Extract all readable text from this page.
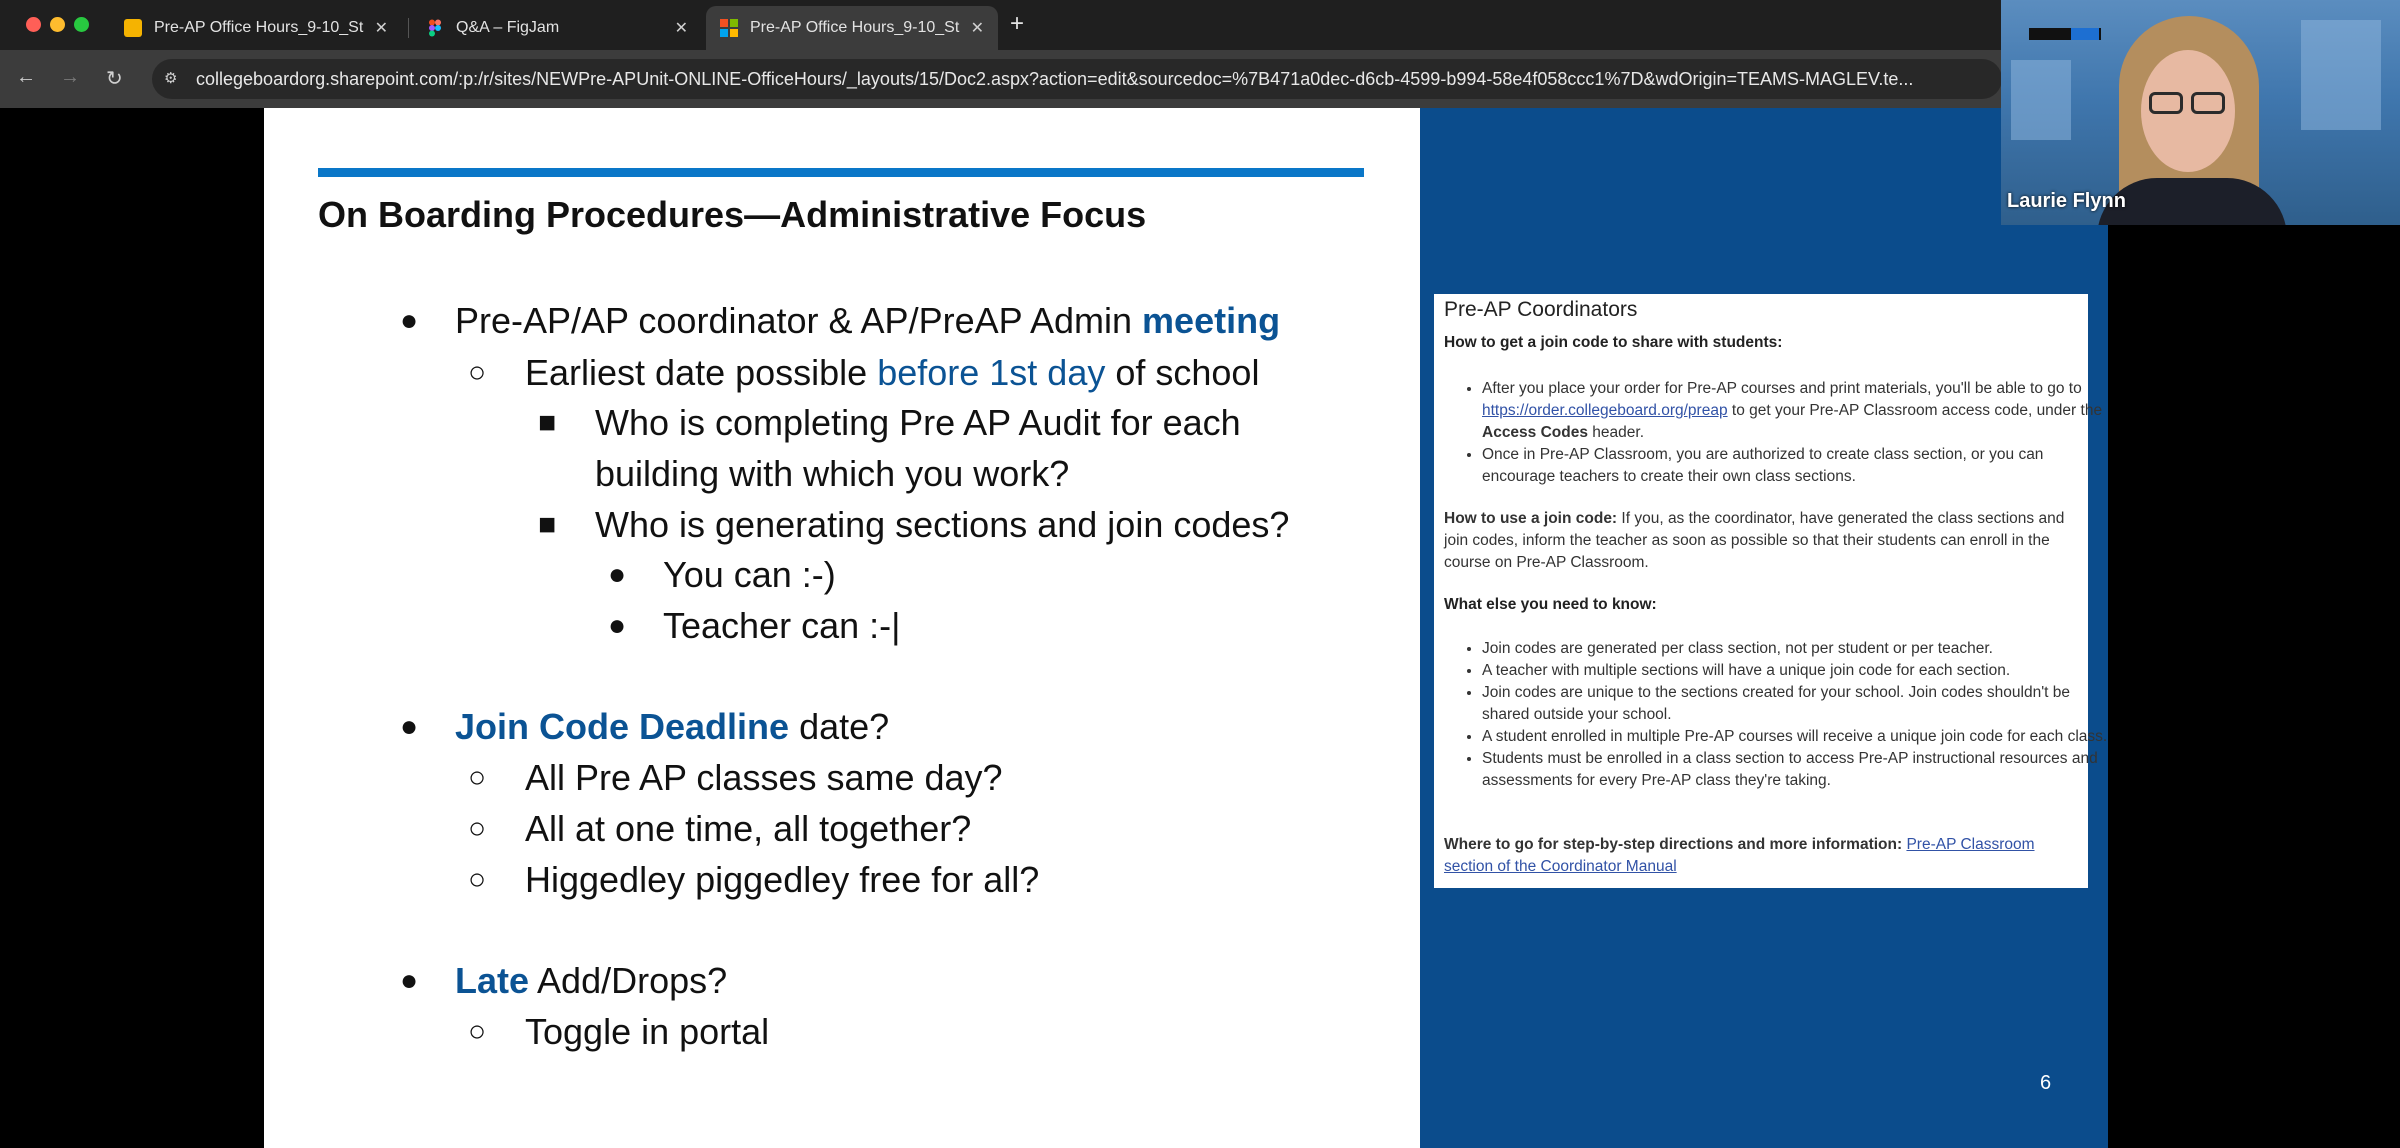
Pre-AP Office Hours_9-10_St ✕	Q&A – FigJam	✕	Pre-AP Office Hours_9-10_St ✕ +
← → ↻	⚙ collegeboardorg.sharepoint.com/:p:/r/sites/NEWPre-APUnit-ONLINE-OfficeHours/_layouts/15/Doc2.aspx?action=edit&sourcedoc=%7B471a0dec-d6cb-4599-b994-58e4f058ccc1%7D&wdOrigin=TEAMS-MAGLEV.te...
On Boarding Procedures—Administrative Focus
● Pre-AP/AP coordinator & AP/PreAP Admin meeting
○ Earliest date possible before 1st day of school
■ Who is completing Pre AP Audit for each
building with which you work?
■ Who is generating sections and join codes?
● You can :-)
● Teacher can :-|
● Join Code Deadline date?
○ All Pre AP classes same day?
○ All at one time, all together?
○ Higgedley piggedley free for all?
● Late Add/Drops?
○ Toggle in portal
Pre-AP Coordinators
How to get a join code to share with students:
• After you place your order for Pre-AP courses and print materials, you'll be able to go to https://order.collegeboard.org/preap to get your Pre-AP Classroom access code, under the Access Codes header.
• Once in Pre-AP Classroom, you are authorized to create class section, or you can encourage teachers to create their own class sections.
How to use a join code: If you, as the coordinator, have generated the class sections and join codes, inform the teacher as soon as possible so that their students can enroll in the course on Pre-AP Classroom.
What else you need to know:
• Join codes are generated per class section, not per student or per teacher.
• A teacher with multiple sections will have a unique join code for each section.
• Join codes are unique to the sections created for your school. Join codes shouldn't be shared outside your school.
• A student enrolled in multiple Pre-AP courses will receive a unique join code for each class.
• Students must be enrolled in a class section to access Pre-AP instructional resources and assessments for every Pre-AP class they're taking.
Where to go for step-by-step directions and more information: Pre-AP Classroom section of the Coordinator Manual
6
Laurie Flynn
